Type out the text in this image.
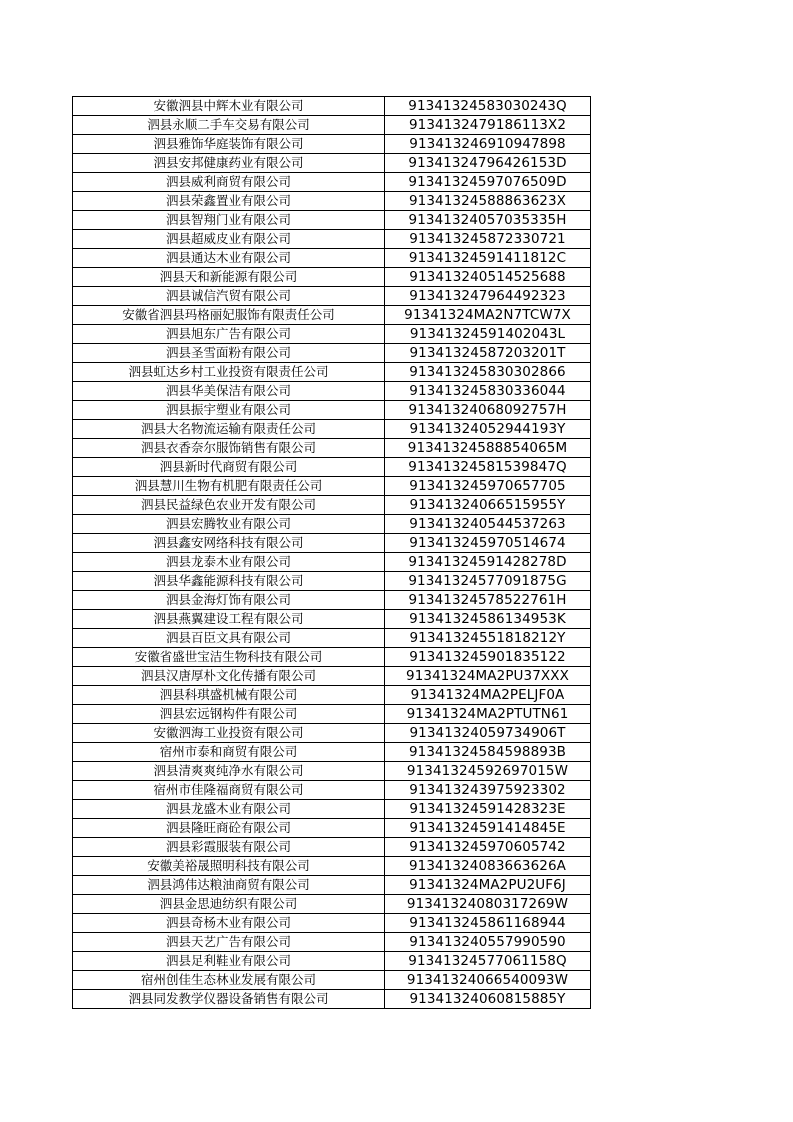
安徽泗县中辉木业有限公司	91341324583030243Q
泗县永顺二手车交易有限公司	9134132479186113X2
泗县雅饰华庭装饰有限公司	913413246910947898
泗县安邦健康药业有限公司	91341324796426153D
泗县威利商贸有限公司	91341324597076509D
泗县荣鑫置业有限公司	9134132458886362​3X
泗县智翔门业有限公司	91341324057035335H
泗县超威皮业有限公司	913413245872330721
泗县通达木业有限公司	91341324591411812C
泗县天和新能源有限公司	913413240514525688
泗县诚信汽贸有限公司	913413247964492323
安徽省泗县玛格丽妃服饰有限责任公司	91341324MA2N7TCW7X
泗县旭东广告有限公司	91341324591402043L
泗县圣雪面粉有限公司	91341324587203201T
泗县虹达乡村工业投资有限责任公司	913413245830302866
泗县华美保洁有限公司	913413245830336044
泗县振宇塑业有限公司	91341324068092757H
泗县大名物流运输有限责任公司	91341324052944193Y
泗县衣香奈尔服饰销售有限公司	91341324588854065M
泗县新时代商贸有限公司	91341324581539847Q
泗县慧川生物有机肥有限责任公司	913413245970657705
泗县民益绿色农业开发有限公司	91341324066515955Y
泗县宏腾牧业有限公司	913413240544537263
泗县鑫安网络科技有限公司	913413245970514674
泗县龙泰木业有限公司	91341324591428278D
泗县华鑫能源科技有限公司	91341324577091875G
泗县金海灯饰有限公司	91341324578522761H
泗县燕翼建设工程有限公司	91341324586134953K
泗县百臣文具有限公司	91341324551818212Y
安徽省盛世宝洁生物科技有限公司	913413245901835122
泗县汉唐厚朴文化传播有限公司	91341324MA2PU37XXX
泗县科琪盛机械有限公司	91341324MA2PELJF0A
泗县宏远钢构件有限公司	91341324MA2PTUTN61
安徽泗海工业投资有限公司	91341324059734906T
宿州市泰和商贸有限公司	91341324584598893B
泗县清爽爽纯净水有限公司	91341324592697015W
宿州市佳隆福商贸有限公司	913413243975923302
泗县龙盛木业有限公司	91341324591428323E
泗县隆旺商砼有限公司	91341324591414845E
泗县彩霞服装有限公司	913413245970605742
安徽美裕晟照明科技有限公司	91341324083663626A
泗县鸿伟达粮油商贸有限公司	91341324MA2PU2UF6J
泗县金思迪纺织有限公司	91341324080317269W
泗县奇杨木业有限公司	913413245861168944
泗县天艺广告有限公司	913413240557990590
泗县足利鞋业有限公司	91341324577061158Q
宿州创佳生态林业发展有限公司	91341324066540093W
泗县同发教学仪器设备销售有限公司	91341324060815885Y
